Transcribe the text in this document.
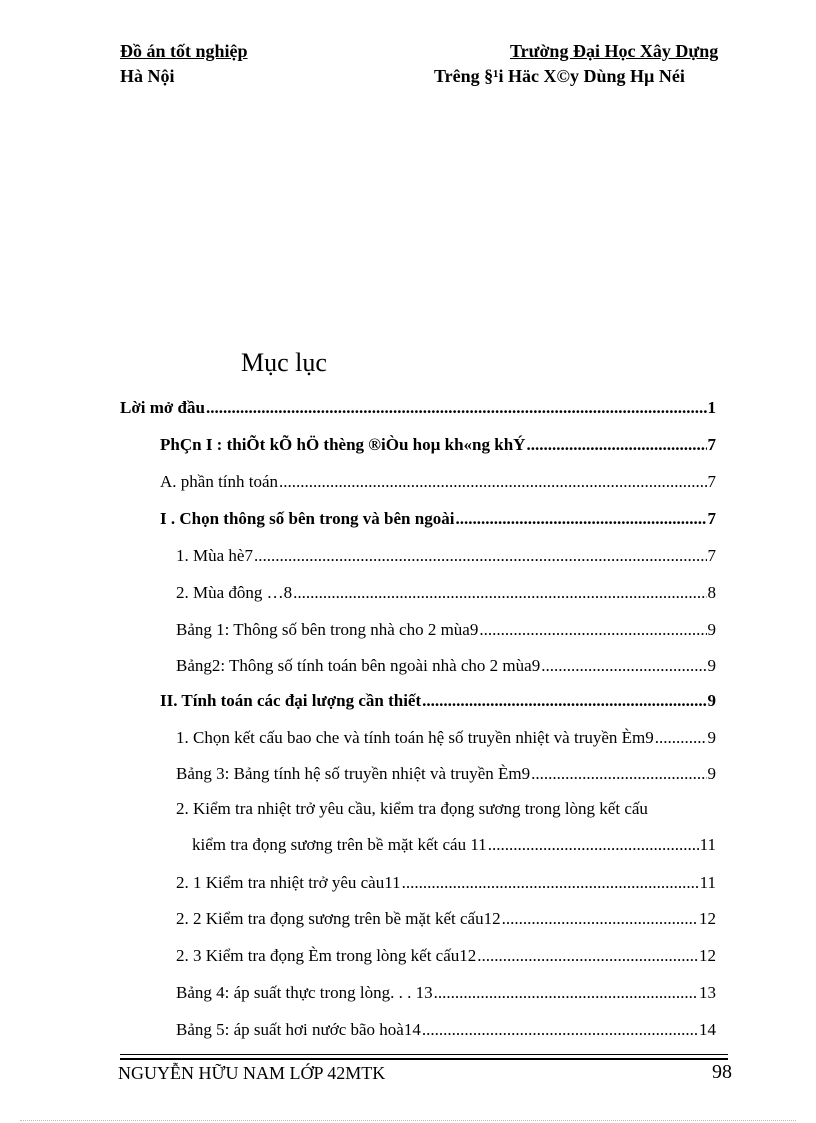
Đồ án tốt nghiệp	Trường Đại Học Xây Dựng
Hà Nội	Trêng §¹i Häc X©y Dùng Hµ Néi
Mục lục
Lời mở đầu .....	1
PhÇn I : thiÕt kÕ hÖ thèng ®iÒu hoµ kh«ng khÝ .....	7
A. phần tính toán .....	7
I . Chọn thông số bên trong và bên ngoài .....	7
1. Mùa hè7 .....	7
2. Mùa đông …8 .....	8
Bảng 1: Thông số bên trong nhà cho 2 mùa9 .....	9
Bảng2: Thông số tính toán bên ngoài nhà cho 2 mùa9 .....	9
II. Tính toán các đại lượng cần thiết .....	9
1. Chọn kết cấu bao che và tính toán hệ số truyền nhiệt và truyền Èm9 .....	9
Bảng 3: Bảng tính hệ số truyền nhiệt và truyền Èm9 .....	9
2. Kiểm tra nhiệt trở yêu cầu, kiểm tra đọng sương trong lòng kết cấu
kiểm tra đọng sương trên bề mặt kết cáu 11 .....	11
2. 1 Kiểm tra nhiệt trở yêu càu11 .....	11
2. 2 Kiểm tra đọng sương trên bề mặt kết cấu12 .....	12
2. 3 Kiểm tra đọng Èm trong lòng kết cấu12 .....	12
Bảng 4: áp suất thực trong lòng. . . 13 .....	13
Bảng 5: áp suất hơi nước bão hoà14 .....	14
NGUYỄN HỮU NAM LỚP 42MTK	98
